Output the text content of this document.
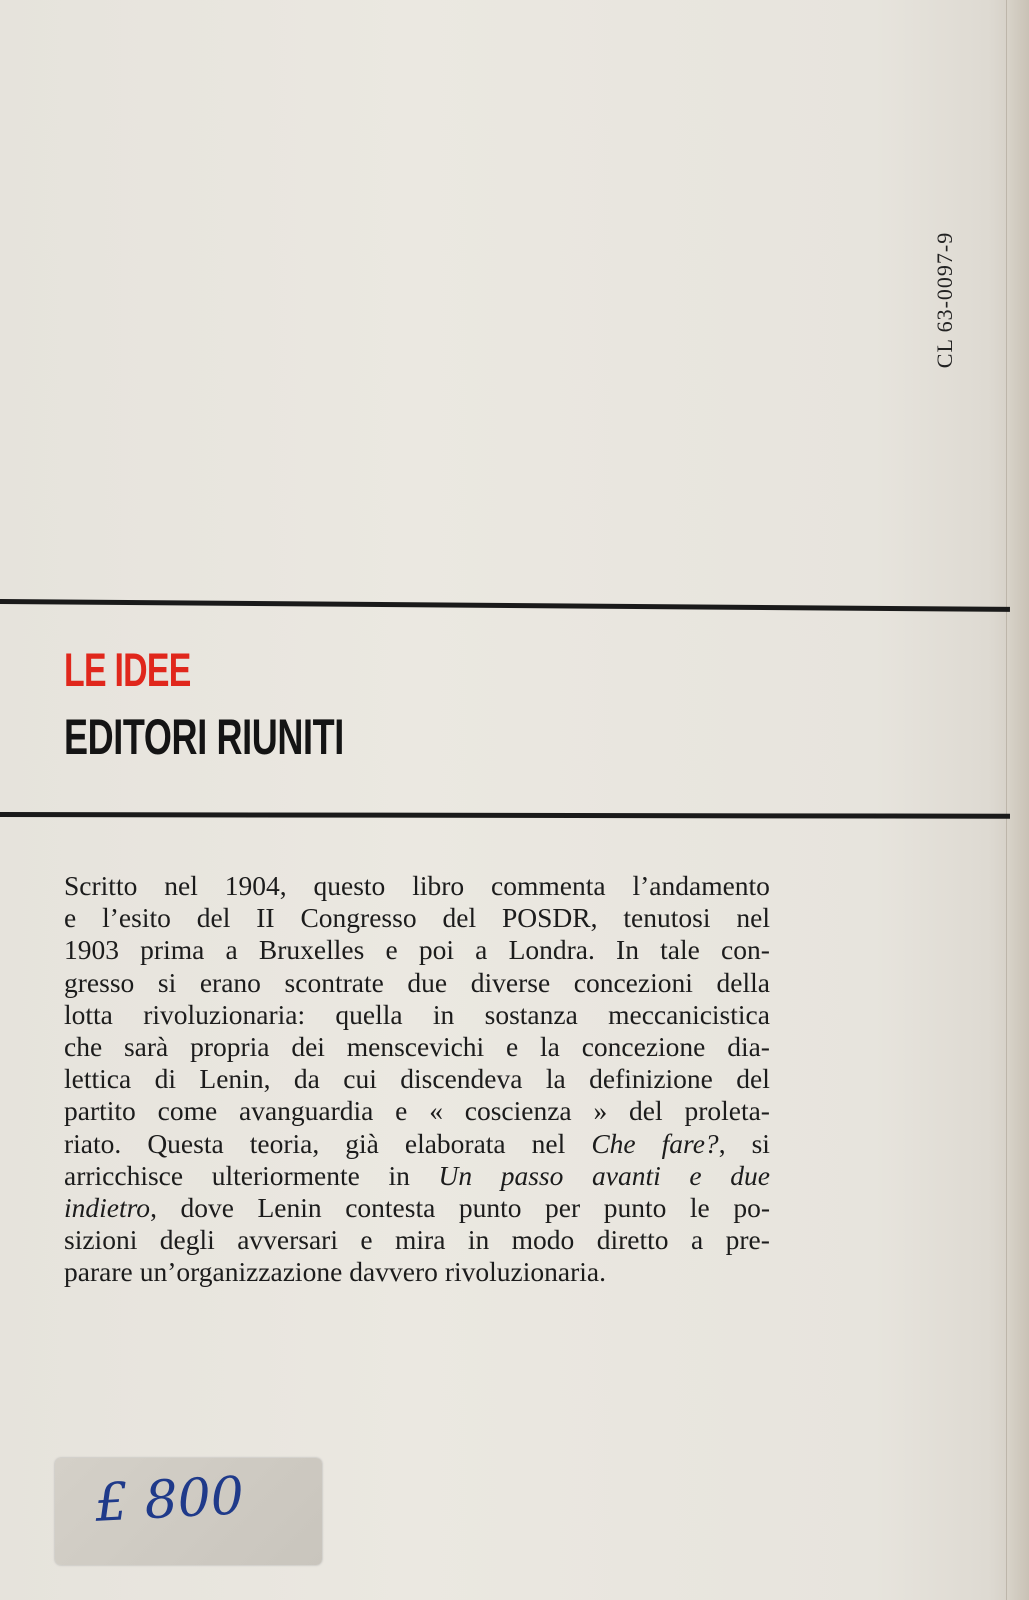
CL 63-0097-9
LE IDEE
EDITORI RIUNITI
Scritto nel 1904, questo libro commenta l’andamento
e l’esito del II Congresso del POSDR, tenutosi nel
1903 prima a Bruxelles e poi a Londra. In tale con-
gresso si erano scontrate due diverse concezioni della
lotta rivoluzionaria: quella in sostanza meccanicistica
che sarà propria dei menscevichi e la concezione dia-
lettica di Lenin, da cui discendeva la definizione del
partito come avanguardia e « coscienza » del proleta-
riato. Questa teoria, già elaborata nel Che fare?, si
arricchisce ulteriormente in Un passo avanti e due
indietro, dove Lenin contesta punto per punto le po-
sizioni degli avversari e mira in modo diretto a pre-
parare un’organizzazione davvero rivoluzionaria.
£ 800
